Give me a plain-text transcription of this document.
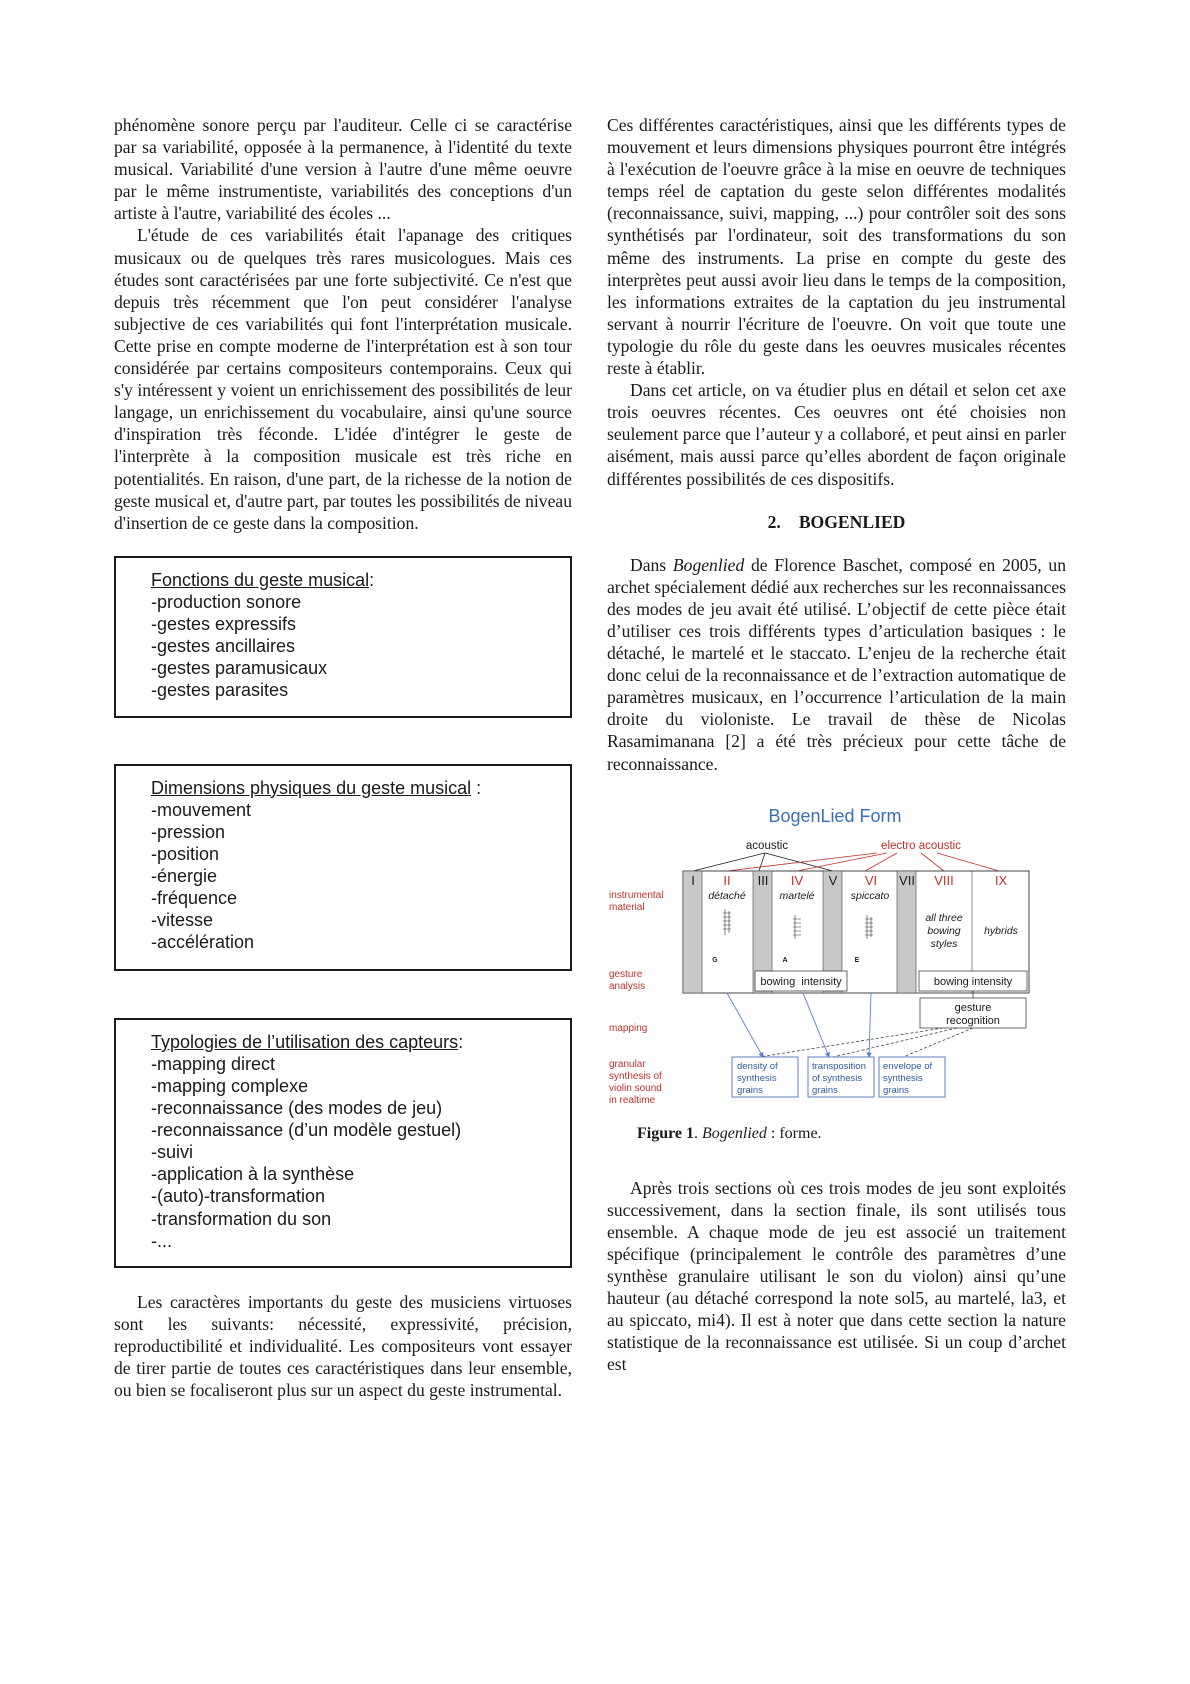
phénomène sonore perçu par l'auditeur. Celle ci se caractérise par sa variabilité, opposée à la permanence, à l'identité du texte musical. Variabilité d'une version à l'autre d'une même oeuvre par le même instrumentiste, variabilités des conceptions d'un artiste à l'autre, variabilité des écoles ...

L'étude de ces variabilités était l'apanage des critiques musicaux ou de quelques très rares musicologues. Mais ces études sont caractérisées par une forte subjectivité. Ce n'est que depuis très récemment que l'on peut considérer l'analyse subjective de ces variabilités qui font l'interprétation musicale. Cette prise en compte moderne de l'interprétation est à son tour considérée par certains compositeurs contemporains. Ceux qui s'y intéressent y voient un enrichissement des possibilités de leur langage, un enrichissement du vocabulaire, ainsi qu'une source d'inspiration très féconde. L'idée d'intégrer le geste de l'interprète à la composition musicale est très riche en potentialités. En raison, d'une part, de la richesse de la notion de geste musical et, d'autre part, par toutes les possibilités de niveau d'insertion de ce geste dans la composition.

Fonctions du geste musical:
-production sonore
-gestes expressifs
-gestes ancillaires
-gestes paramusicaux
-gestes parasites
Dimensions physiques du geste musical :
-mouvement
-pression
-position
-énergie
-fréquence
-vitesse
-accélération
Typologies de l’utilisation des capteurs:
-mapping direct
-mapping complexe
-reconnaissance (des modes de jeu)
-reconnaissance (d’un modèle gestuel)
-suivi
-application à la synthèse
-(auto)-transformation
-transformation du son
-...

Les caractères importants du geste des musiciens virtuoses sont les suivants: nécessité, expressivité, précision, reproductibilité et individualité. Les compositeurs vont essayer de tirer partie de toutes ces caractéristiques dans leur ensemble, ou bien se focaliseront plus sur un aspect du geste instrumental.

Ces différentes caractéristiques, ainsi que les différents types de mouvement et leurs dimensions physiques pourront être intégrés à l'exécution de l'oeuvre grâce à la mise en oeuvre de techniques temps réel de captation du geste selon différentes modalités (reconnaissance, suivi, mapping, ...) pour contrôler soit des sons synthétisés par l'ordinateur, soit des transformations du son même des instruments. La prise en compte du geste des interprètes peut aussi avoir lieu dans le temps de la composition, les informations extraites de la captation du jeu instrumental servant à nourrir l'écriture de l'oeuvre. On voit que toute une typologie du rôle du geste dans les oeuvres musicales récentes reste à établir.

Dans cet article, on va étudier plus en détail et selon cet axe trois oeuvres récentes. Ces oeuvres ont été choisies non seulement parce que l’auteur y a collaboré, et peut ainsi en parler aisément, mais aussi parce qu’elles abordent de façon originale différentes possibilités de ces dispositifs.

2. BOGENLIED

Dans Bogenlied de Florence Baschet, composé en 2005, un archet spécialement dédié aux recherches sur les reconnaissances des modes de jeu avait été utilisé. L’objectif de cette pièce était d’utiliser ces trois différents types d’articulation basiques : le détaché, le martelé et le staccato. L’enjeu de la recherche était donc celui de la reconnaissance et de l’extraction automatique de paramètres musicaux, en l’occurrence l’articulation de la main droite du violoniste. Le travail de thèse de Nicolas Rasamimanana [2] a été très précieux pour cette tâche de reconnaissance.

BogenLied Form
acoustic	electro acoustic
instrumental
material
gesture
analysis
mapping
granular
synthesis of
violin sound
in realtime
I II III IV V VI VII VIII	IX
détaché	martelé	spiccato
all three
bowing
styles
hybrids
G	A	E
bowing  intensity	bowing intensity
gesture
recognition
density of
synthesis
grains
transposition
of synthesis
grains
envelope of
synthesis
grains

Figure 1. Bogenlied : forme.

Après trois sections où ces trois modes de jeu sont exploités successivement, dans la section finale, ils sont utilisés tous ensemble. A chaque mode de jeu est associé un traitement spécifique (principalement le contrôle des paramètres d’une synthèse granulaire utilisant le son du violon) ainsi qu’une hauteur (au détaché correspond la note sol5, au martelé, la3, et au spiccato, mi4). Il est à noter que dans cette section la nature statistique de la reconnaissance est utilisée. Si un coup d’archet est
